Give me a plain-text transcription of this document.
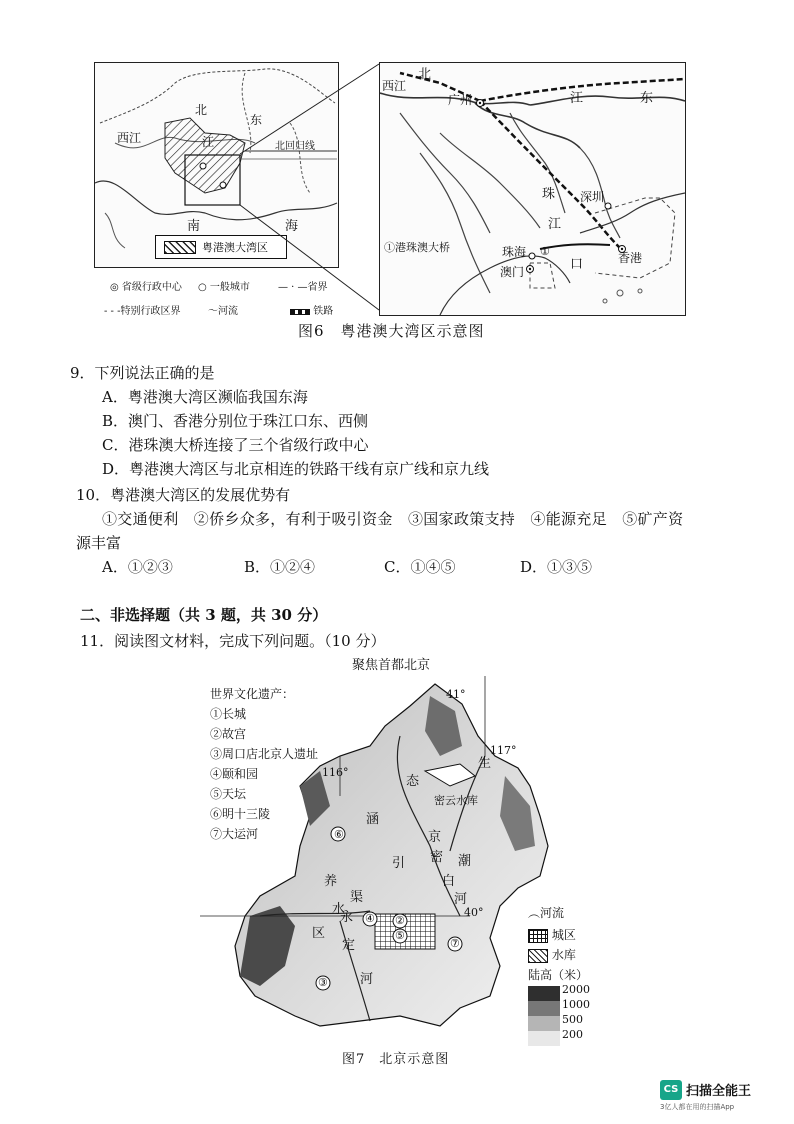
北
东
西江	江	北回归线
南	海
粤港澳大湾区
◎ 省级行政中心 ○ 一般城市	— · —省界
- - -特别行政区界	〜河流	铁路
北
西江
广州	江	东
珠
江
深圳
珠海
澳门
①
口	香港
①港珠澳大桥
图6　粤港澳大湾区示意图
9．下列说法正确的是
A．粤港澳大湾区濒临我国东海
B．澳门、香港分别位于珠江口东、西侧
C．港珠澳大桥连接了三个省级行政中心
D．粤港澳大湾区与北京相连的铁路干线有京广线和京九线
10．粤港澳大湾区的发展优势有
①交通便利　②侨乡众多，有利于吸引资金　③国家政策支持　④能源充足　⑤矿产资
源丰富
A．①②③	B．①②④	C．①④⑤	D．①③⑤
二、非选择题（共 3 题，共 30 分）
11．阅读图文材料，完成下列问题。（10 分）
聚焦首都北京
41°
117°
116°
40°
生
态
涵
养
水
区
渠
引 密
京
潮
白
河
永
定
河
密云水库
⑥
④ ②
⑤
⑦
③
世界文化遗产：
①长城
②故宫
③周口店北京人遗址
④颐和园
⑤天坛
⑥明十三陵
⑦大运河
︵河流
城区
水库
陆高（米）
2000
1000
500
200
图7　北京示意图
CS 扫描全能王
3亿人都在用的扫描App
